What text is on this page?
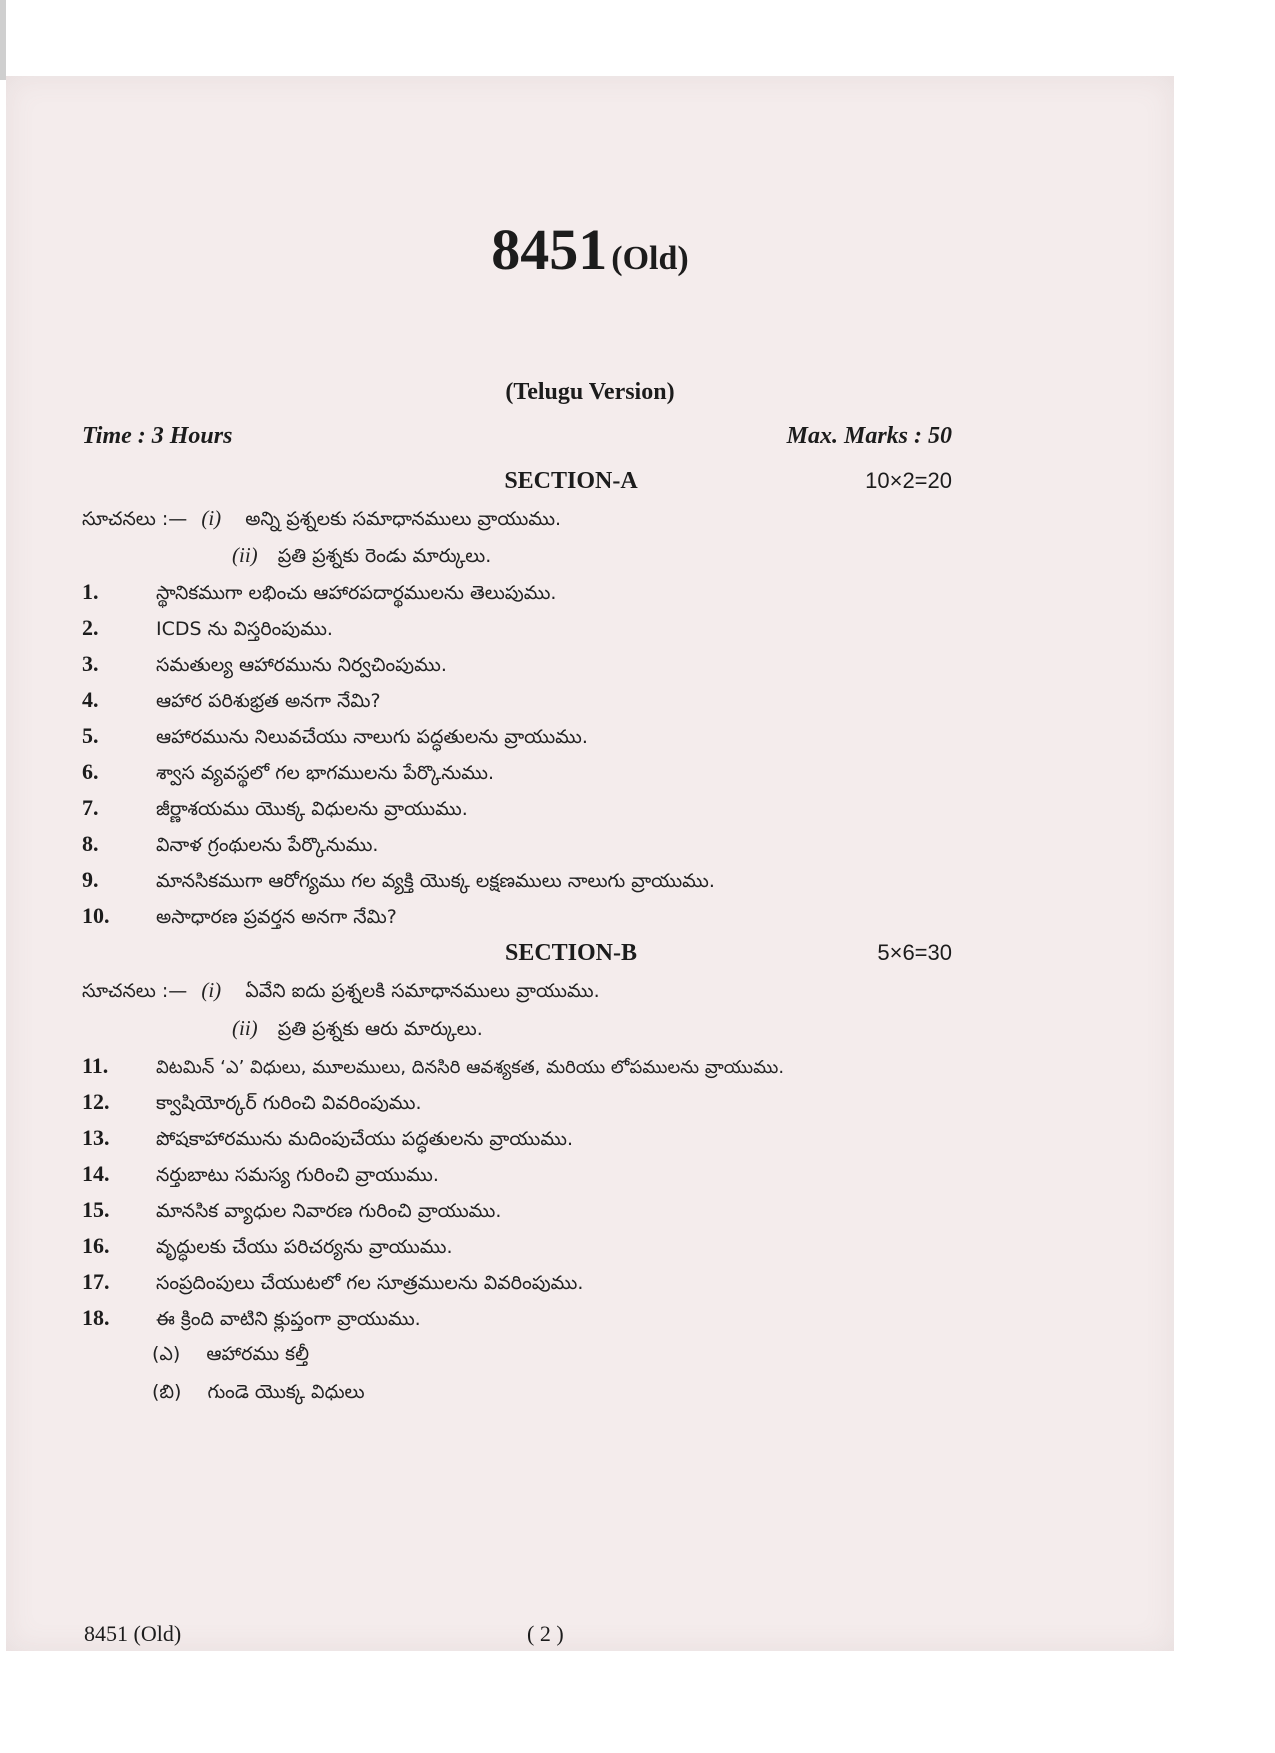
8451 (Old)
(Telugu Version)
Time : 3 Hours	Max. Marks : 50
SECTION-A	10×2=20
సూచనలు :— (i) అన్ని ప్రశ్నలకు సమాధానములు వ్రాయుము.
(ii) ప్రతి ప్రశ్నకు రెండు మార్కులు.
1.	స్థానికముగా లభించు ఆహారపదార్థములను తెలుపుము.
2.	ICDS ను విస్తరింపుము.
3.	సమతుల్య ఆహారమును నిర్వచింపుము.
4.	ఆహార పరిశుభ్రత అనగా నేమి?
5.	ఆహారమును నిలువచేయు నాలుగు పద్ధతులను వ్రాయుము.
6.	శ్వాస వ్యవస్థలో గల భాగములను పేర్కొనుము.
7.	జీర్ణాశయము యొక్క విధులను వ్రాయుము.
8.	వినాళ గ్రంథులను పేర్కొనుము.
9.	మానసికముగా ఆరోగ్యము గల వ్యక్తి యొక్క లక్షణములు నాలుగు వ్రాయుము.
10. అసాధారణ ప్రవర్తన అనగా నేమి?
SECTION-B	5×6=30
సూచనలు :— (i) ఏవేని ఐదు ప్రశ్నలకి సమాధానములు వ్రాయుము.
(ii) ప్రతి ప్రశ్నకు ఆరు మార్కులు.
11.	విటమిన్ ‘ఎ’ విధులు, మూలములు, దినసిరి ఆవశ్యకత, మరియు లోపములను వ్రాయుము.
12. క్వాషియోర్కర్ గురించి వివరింపుము.
13. పోషకాహారమును మదింపుచేయు పద్ధతులను వ్రాయుము.
14. నర్తుబాటు సమస్య గురించి వ్రాయుము.
15. మానసిక వ్యాధుల నివారణ గురించి వ్రాయుము.
16. వృద్ధులకు చేయు పరిచర్యను వ్రాయుము.
17. సంప్రదింపులు చేయుటలో గల సూత్రములను వివరింపుము.
18. ఈ క్రింది వాటిని క్లుప్తంగా వ్రాయుము.
(ఎ) ఆహారము కల్తీ
(బి) గుండె యొక్క విధులు
8451 (Old)	( 2 )
